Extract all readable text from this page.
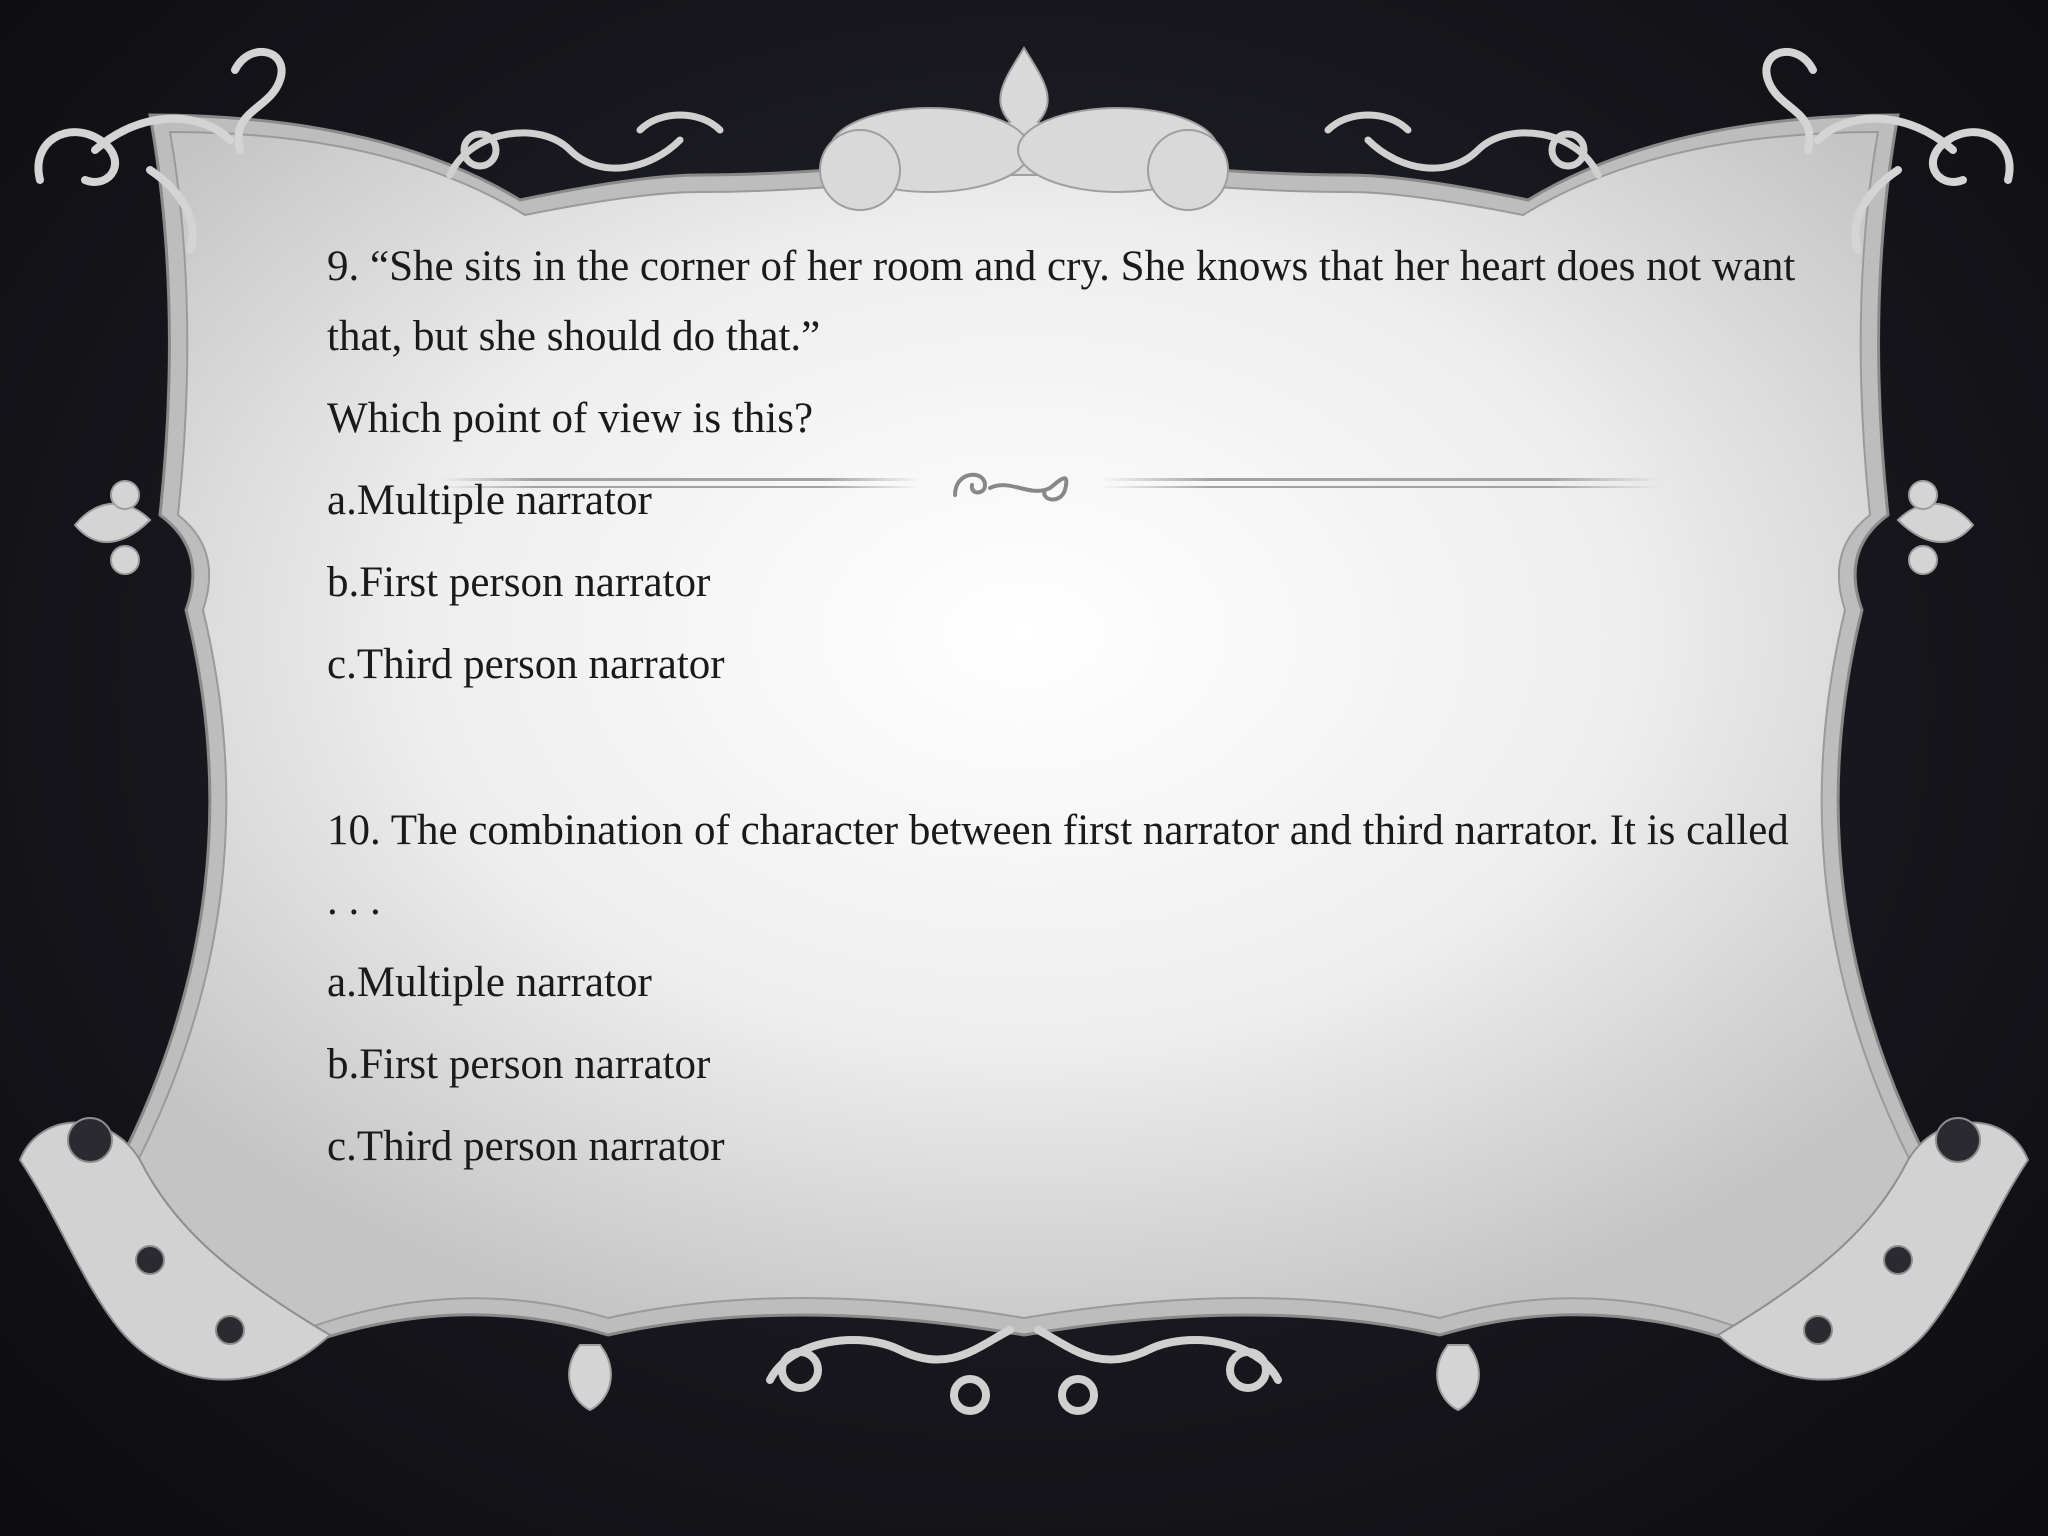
9. “She sits in the corner of her room and cry. She knows that her heart does not want that, but she should do that.”

Which point of view is this?

a.Multiple narrator

b.First person narrator

c.Third person narrator

10. The combination of character between first narrator and third narrator. It is called . . .

a.Multiple narrator

b.First person narrator

c.Third person narrator
